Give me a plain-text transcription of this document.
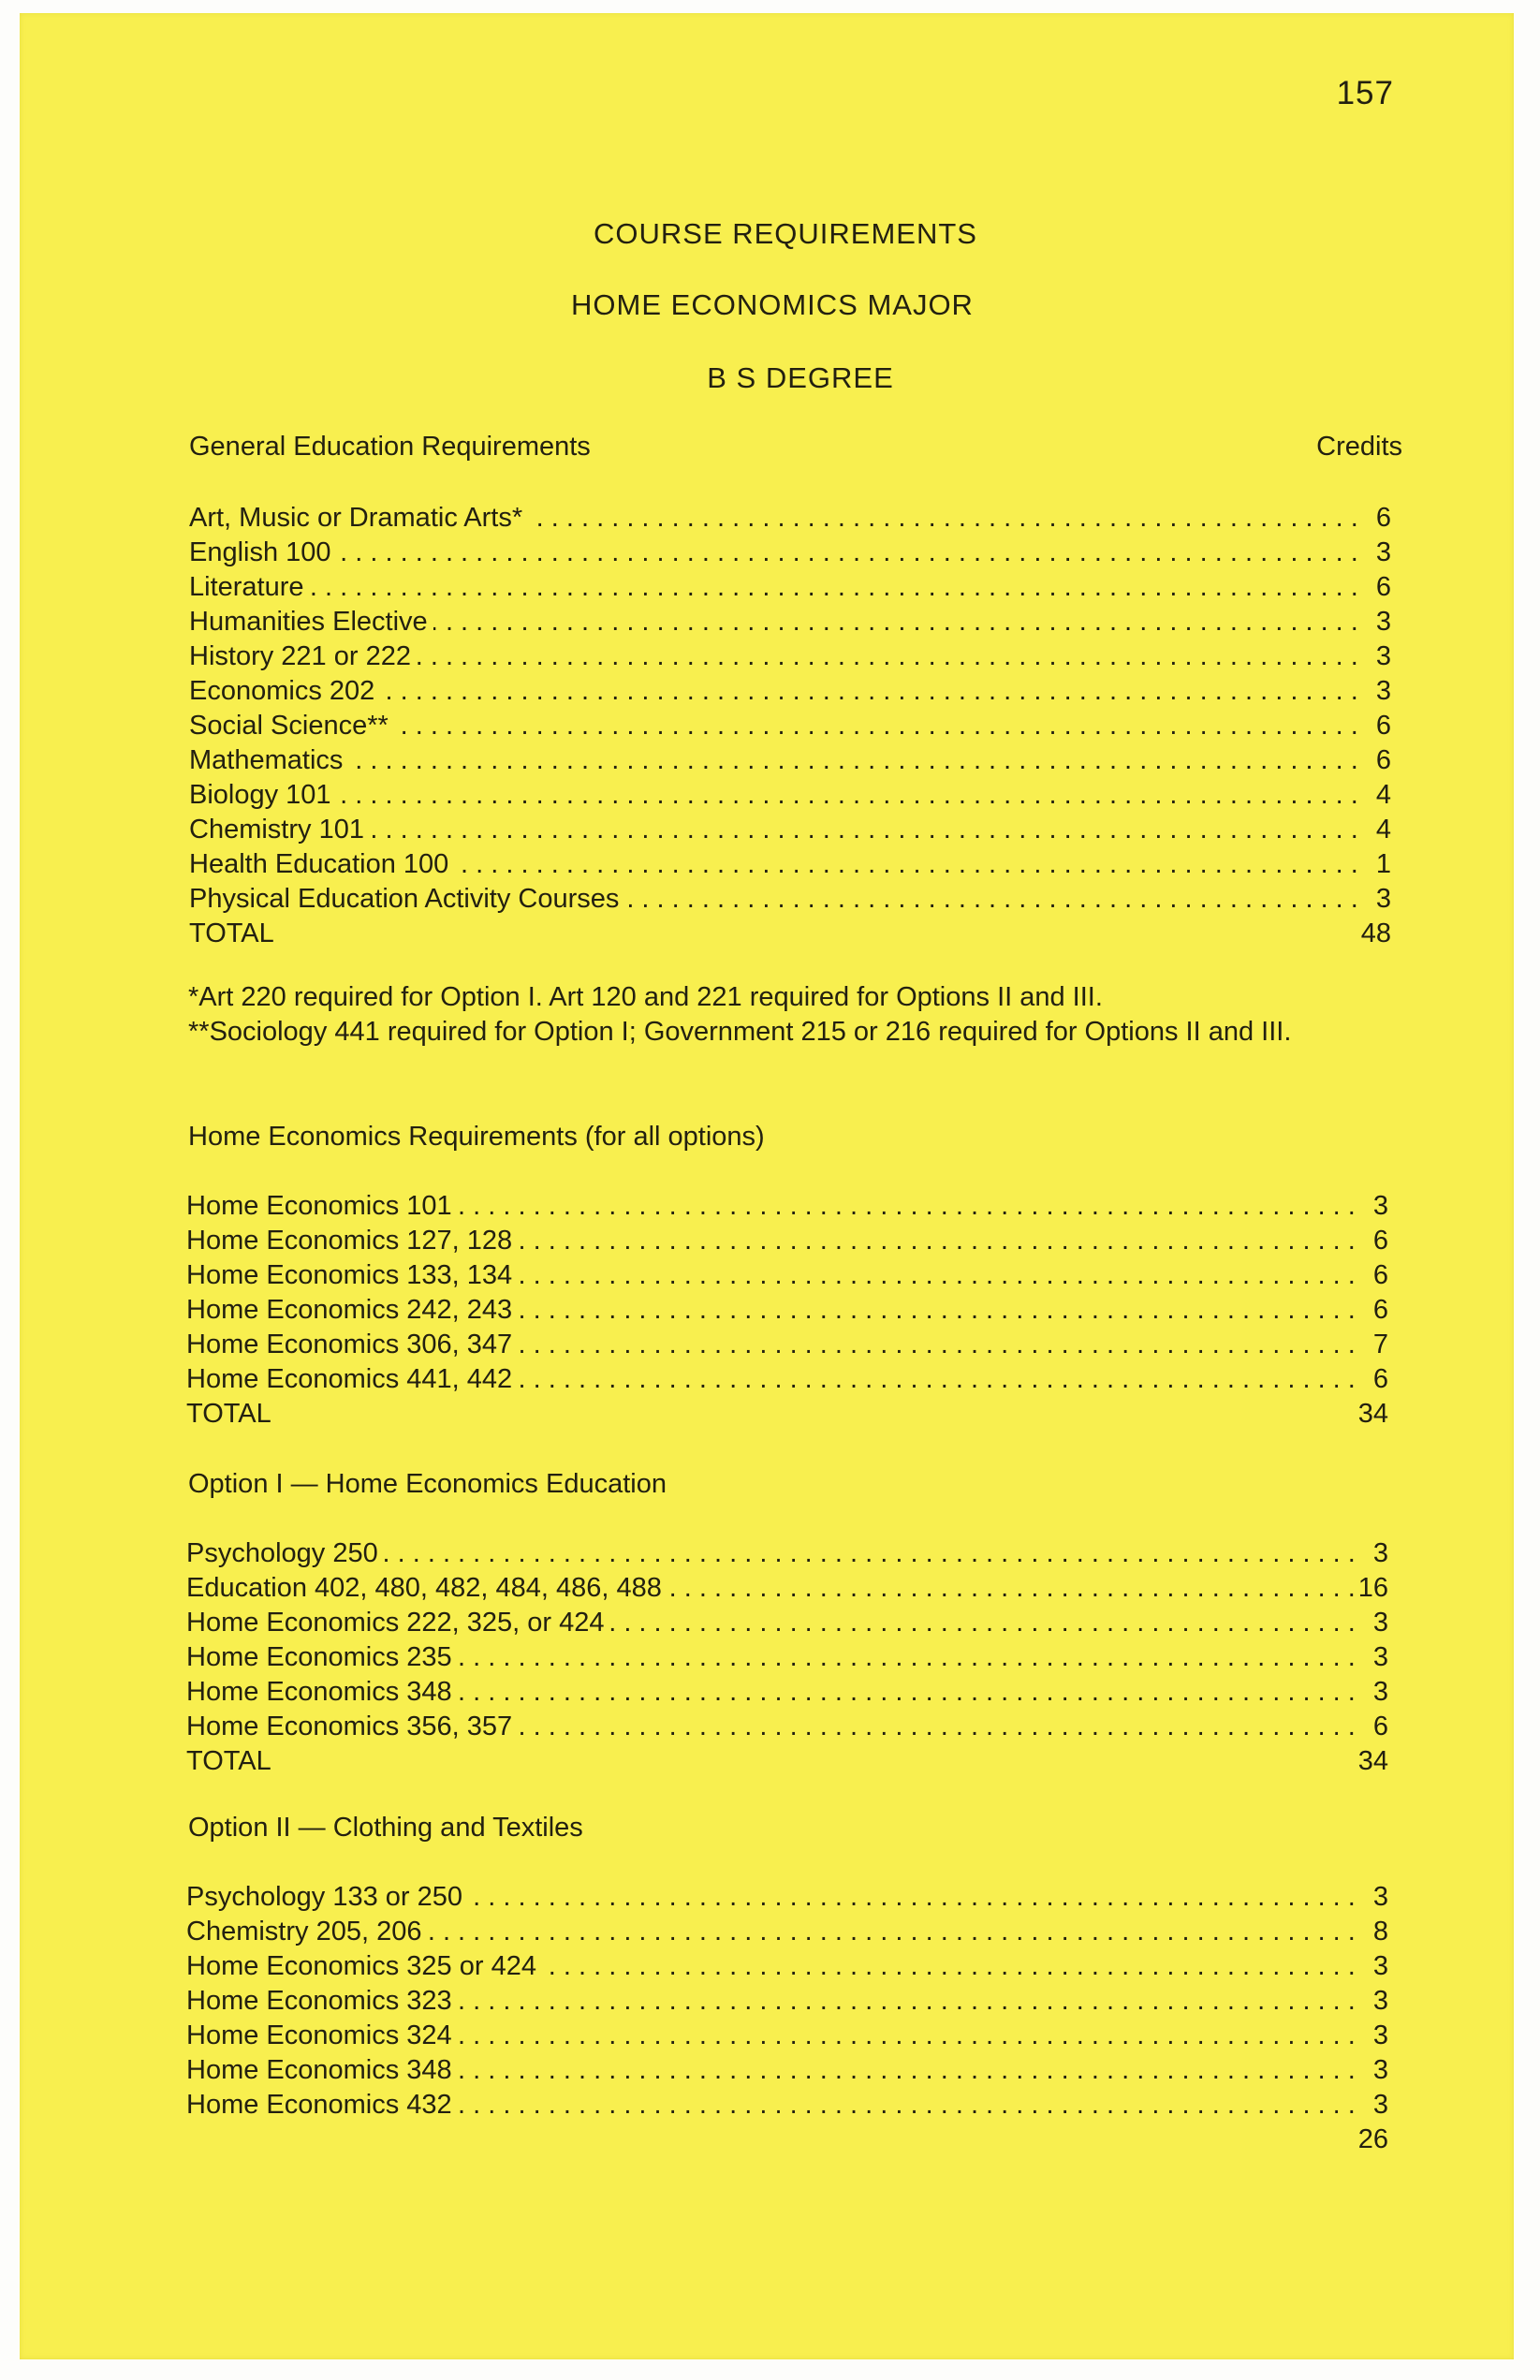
157
COURSE REQUIREMENTS
HOME ECONOMICS MAJOR
B S DEGREE
General Education Requirements	Credits
. . .
Art, Music or Dramatic Arts*	6
. . .
English 100	3
. . .
Literature	6
. . .
Humanities Elective	3
. . .
History 221 or 222	3
. . .
Economics 202	3
. . .
Social Science**	6
. . .
Mathematics	6
. . .
Biology 101	4
. . .
Chemistry 101	4
. . .
Health Education 100	1
. . .
Physical Education Activity Courses	3
TOTAL	48
*Art 220 required for Option I. Art 120 and 221 required for Options II and III.
**Sociology 441 required for Option I; Government 215 or 216 required for Options II and III.
Home Economics Requirements (for all options)
. . .
Home Economics 101	3
. . .
Home Economics 127, 128	6
. . .
Home Economics 133, 134	6
. . .
Home Economics 242, 243	6
. . .
Home Economics 306, 347	7
. . .
Home Economics 441, 442	6
TOTAL	34
Option I — Home Economics Education
. . .
Psychology 250	3
. . .
Education 402, 480, 482, 484, 486, 488	16
. . .
Home Economics 222, 325, or 424	3
. . .
Home Economics 235	3
. . .
Home Economics 348	3
. . .
Home Economics 356, 357	6
TOTAL	34
Option II — Clothing and Textiles
. . .
Psychology 133 or 250	3
. . .
Chemistry 205, 206	8
. . .
Home Economics 325 or 424	3
. . .
Home Economics 323	3
. . .
Home Economics 324	3
. . .
Home Economics 348	3
. . .
Home Economics 432	3
26
